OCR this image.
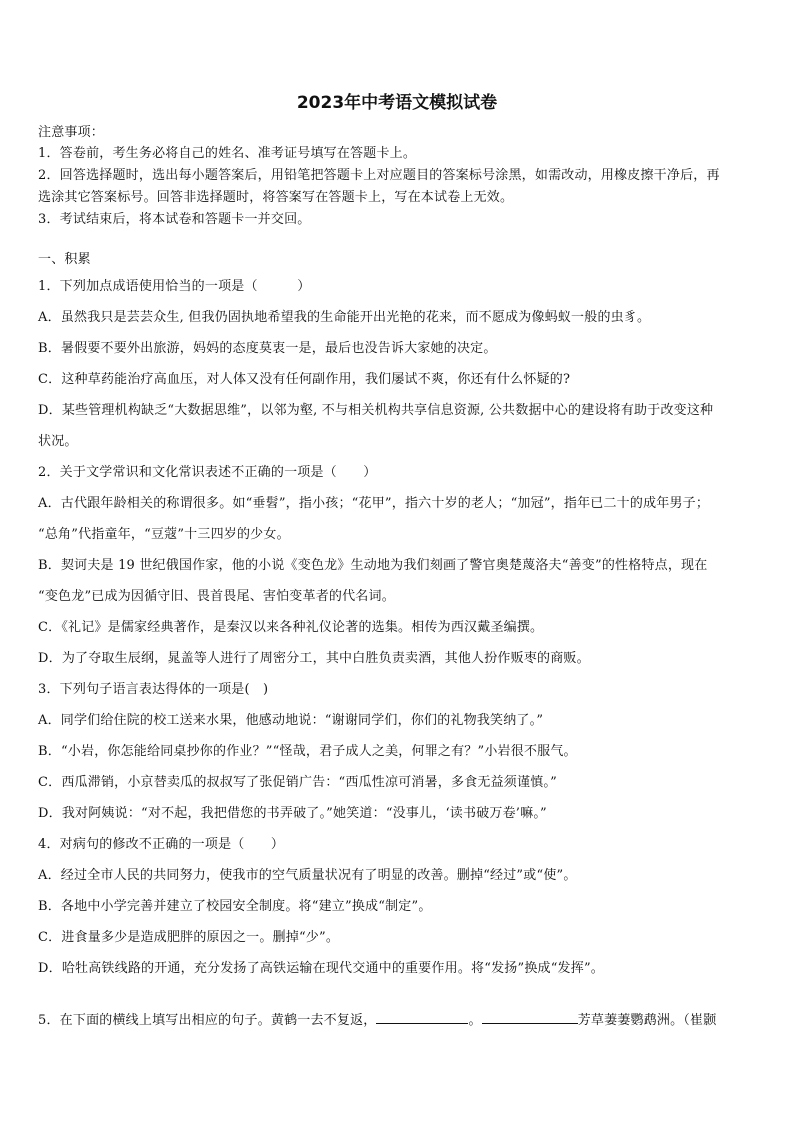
2023年中考语文模拟试卷
注意事项：
1．答卷前，考生务必将自己的姓名、准考证号填写在答题卡上。
2．回答选择题时，选出每小题答案后，用铅笔把答题卡上对应题目的答案标号涂黑，如需改动，用橡皮擦干净后，再
选涂其它答案标号。回答非选择题时，将答案写在答题卡上，写在本试卷上无效。
3．考试结束后，将本试卷和答题卡一并交回。
一、积累
1．下列加点成语使用恰当的一项是（　　　）
A．虽然我只是芸芸众生, 但我仍固执地希望我的生命能开出光艳的花来，而不愿成为像蚂蚁一般的虫豸。
B．暑假要不要外出旅游，妈妈的态度莫衷一是，最后也没告诉大家她的决定。
C．这种草药能治疗高血压，对人体又没有任何副作用，我们屡试不爽，你还有什么怀疑的?
D．某些管理机构缺乏“大数据思维”，以邻为壑, 不与相关机构共享信息资源, 公共数据中心的建设将有助于改变这种
状况。
2．关于文学常识和文化常识表述不正确的一项是（　　）
A．古代跟年龄相关的称谓很多。如“垂髫”，指小孩；“花甲”，指六十岁的老人；“加冠”，指年已二十的成年男子；
“总角”代指童年，“豆蔻”十三四岁的少女。
B．契诃夫是 19 世纪俄国作家，他的小说《变色龙》生动地为我们刻画了警官奥楚蔑洛夫“善变”的性格特点，现在
“变色龙”已成为因循守旧、畏首畏尾、害怕变革者的代名词。
C．《礼记》是儒家经典著作，是秦汉以来各种礼仪论著的选集。相传为西汉戴圣编撰。
D．为了夺取生辰纲，晁盖等人进行了周密分工，其中白胜负责卖酒，其他人扮作贩枣的商贩。
3．下列句子语言表达得体的一项是(　)
A．同学们给住院的校工送来水果，他感动地说：“谢谢同学们，你们的礼物我笑纳了。”
B．“小岩，你怎能给同桌抄你的作业？”“怪哉，君子成人之美，何罪之有？”小岩很不服气。
C．西瓜滞销，小京替卖瓜的叔叔写了张促销广告：“西瓜性凉可消暑，多食无益须谨慎。”
D．我对阿姨说：“对不起，我把借您的书弄破了。”她笑道：“没事儿，‘读书破万卷’嘛。”
4．对病句的修改不正确的一项是（　　）
A．经过全市人民的共同努力，使我市的空气质量状况有了明显的改善。删掉“经过”或“使”。
B．各地中小学完善并建立了校园安全制度。将“建立”换成“制定”。
C．进食量多少是造成肥胖的原因之一。删掉“少”。
D．哈牡高铁线路的开通，充分发扬了高铁运输在现代交通中的重要作用。将“发扬”换成“发挥”。
5．在下面的横线上填写出相应的句子。黄鹤一去不复返，	。	芳草萋萋鹦鹉洲。（崔颢
